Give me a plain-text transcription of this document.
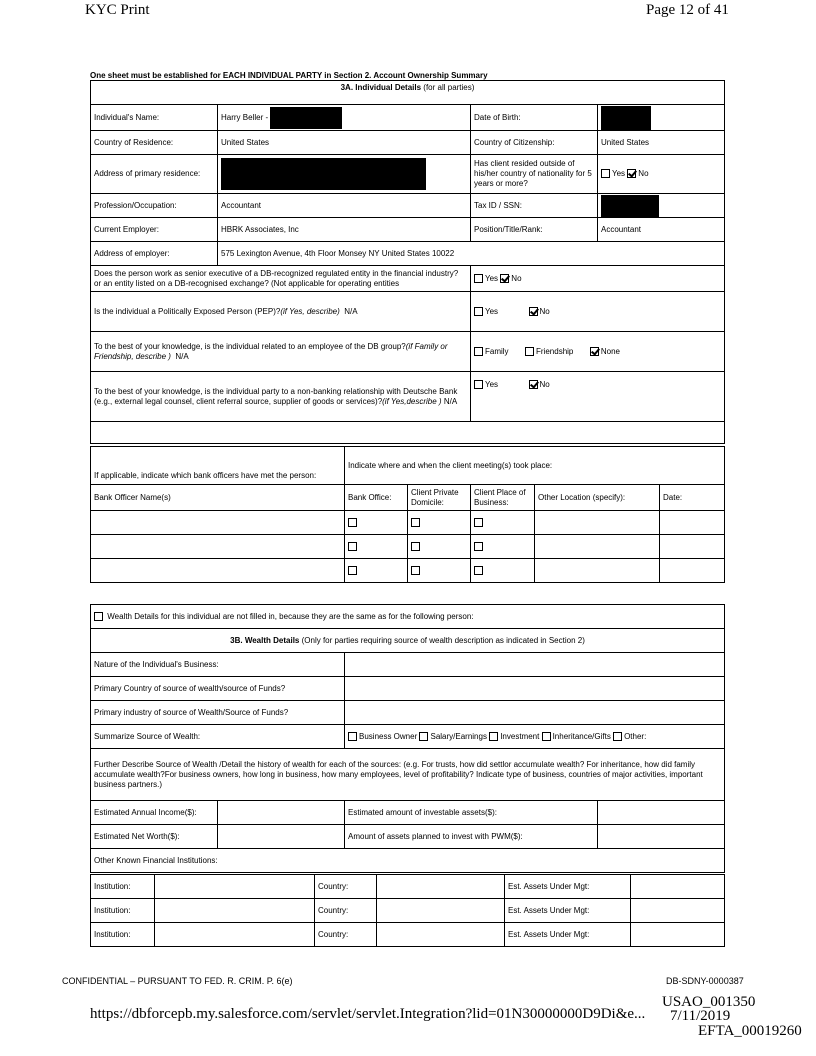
KYC Print	Page 12 of 41
One sheet must be established for EACH INDIVIDUAL PARTY in Section 2. Account Ownership Summary
3A. Individual Details (for all parties)			
Individual's Name:	Harry Beller -	Date of Birth:	
Country of Residence:	United States	Country of Citizenship:	United States
Address of primary residence:		Has client resided outside of his/her country of nationality for 5 years or more?	Yes No
Profession/Occupation:	Accountant	Tax ID / SSN:	
Current Employer:	HBRK Associates, Inc	Position/Title/Rank:	Accountant
Address of employer:	575 Lexington Avenue, 4th Floor Monsey NY United States 10022		
Does the person work as senior executive of a DB-recognized regulated entity in the financial industry? or an entity listed on a DB-recognised exchange? (Not applicable for operating entities		Yes No	
Is the individual a Politically Exposed Person (PEP)?(if Yes, describe) N/A		Yes No	
To the best of your knowledge, is the individual related to an employee of the DB group?(if Family or Friendship, describe ) N/A		Family Friendship None	
To the best of your knowledge, is the individual party to a non-banking relationship with Deutsche Bank (e.g., external legal counsel, client referral source, supplier of goods or services)?(if Yes,describe ) N/A		Yes No	

If applicable, indicate which bank officers have met the person:	Indicate where and when the client meeting(s) took place:				
Bank Officer Name(s)	Bank Office:	Client Private Domicile:	Client Place of Business:	Other Location (specify):	Date:

Wealth Details for this individual are not filled in, because they are the same as for the following person:			
3B. Wealth Details (Only for parties requiring source of wealth description as indicated in Section 2)			
Nature of the Individual's Business:			
Primary Country of source of wealth/source of Funds?			
Primary industry of source of Wealth/Source of Funds?			
Summarize Source of Wealth:		Business Owner Salary/Earnings Investment Inheritance/Gifts Other:	
Further Describe Source of Wealth /Detail the history of wealth for each of the sources: (e.g. For trusts, how did settlor accumulate wealth? For inheritance, how did family accumulate wealth?For business owners, how long in business, how many employees, level of profitability? Indicate type of business, countries of major activities, important business partners.)			
Estimated Annual Income($):		Estimated amount of investable assets($):	
Estimated Net Worth($):		Amount of assets planned to invest with PWM($):	
Other Known Financial Institutions:			
Institution:		Country:		Est. Assets Under Mgt:	
Institution:		Country:		Est. Assets Under Mgt:	
Institution:		Country:		Est. Assets Under Mgt:	
CONFIDENTIAL – PURSUANT TO FED. R. CRIM. P. 6(e)	DB-SDNY-0000387
USAO_001350
https://dbforcepb.my.salesforce.com/servlet/servlet.Integration?lid=01N30000000D9Di&e... 7/11/2019
EFTA_00019260
